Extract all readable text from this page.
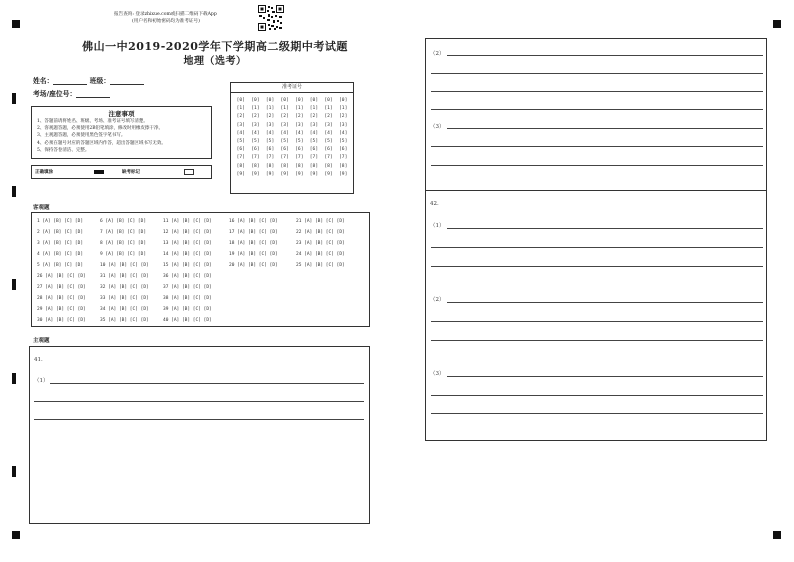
报告查询: 登录zhixue.com或扫描二维码下载App
(用户名和初始密码均为准考证号)
佛山一中2019-2020学年下学期高二级期中考试题
地理（选考）
姓名：	班级：
考场/座位号：
注意事项
1、答题前请将姓名、班级、考场、准考证号填写清楚。
2、客观题答题，必须使用2B铅笔填涂，修改时用橡皮擦干净。
3、主观题答题，必须使用黑色签字笔书写。
4、必须在题号对应的答题区域内作答，超出答题区域书写无效。
5、保持答卷清洁、完整。
正确填涂	缺考标记
准考证号
[0]	[0]	[0]	[0]	[0]	[0]	[0]	[0]
[1]	[1]	[1]	[1]	[1]	[1]	[1]	[1]
[2]	[2]	[2]	[2]	[2]	[2]	[2]	[2]
[3]	[3]	[3]	[3]	[3]	[3]	[3]	[3]
[4]	[4]	[4]	[4]	[4]	[4]	[4]	[4]
[5]	[5]	[5]	[5]	[5]	[5]	[5]	[5]
[6]	[6]	[6]	[6]	[6]	[6]	[6]	[6]
[7]	[7]	[7]	[7]	[7]	[7]	[7]	[7]
[8]	[8]	[8]	[8]	[8]	[8]	[8]	[8]
[9]	[9]	[9]	[9]	[9]	[9]	[9]	[9]
客观题
1 [A] [B] [C] [D]	6 [A] [B] [C] [D]	11 [A] [B] [C] [D]	16 [A] [B] [C] [D]	21 [A] [B] [C] [D]
2 [A] [B] [C] [D]	7 [A] [B] [C] [D]	12 [A] [B] [C] [D]	17 [A] [B] [C] [D]	22 [A] [B] [C] [D]
3 [A] [B] [C] [D]	8 [A] [B] [C] [D]	13 [A] [B] [C] [D]	18 [A] [B] [C] [D]	23 [A] [B] [C] [D]
4 [A] [B] [C] [D]	9 [A] [B] [C] [D]	14 [A] [B] [C] [D]	19 [A] [B] [C] [D]	24 [A] [B] [C] [D]
5 [A] [B] [C] [D]	10 [A] [B] [C] [D]	15 [A] [B] [C] [D]	20 [A] [B] [C] [D]	25 [A] [B] [C] [D]
26 [A] [B] [C] [D]	31 [A] [B] [C] [D]	36 [A] [B] [C] [D]
27 [A] [B] [C] [D]	32 [A] [B] [C] [D]	37 [A] [B] [C] [D]
28 [A] [B] [C] [D]	33 [A] [B] [C] [D]	38 [A] [B] [C] [D]
29 [A] [B] [C] [D]	34 [A] [B] [C] [D]	39 [A] [B] [C] [D]
30 [A] [B] [C] [D]	35 [A] [B] [C] [D]	40 [A] [B] [C] [D]
主观题
41.
（1）
（2）
（3）
42.
（1）
（2）
（3）
